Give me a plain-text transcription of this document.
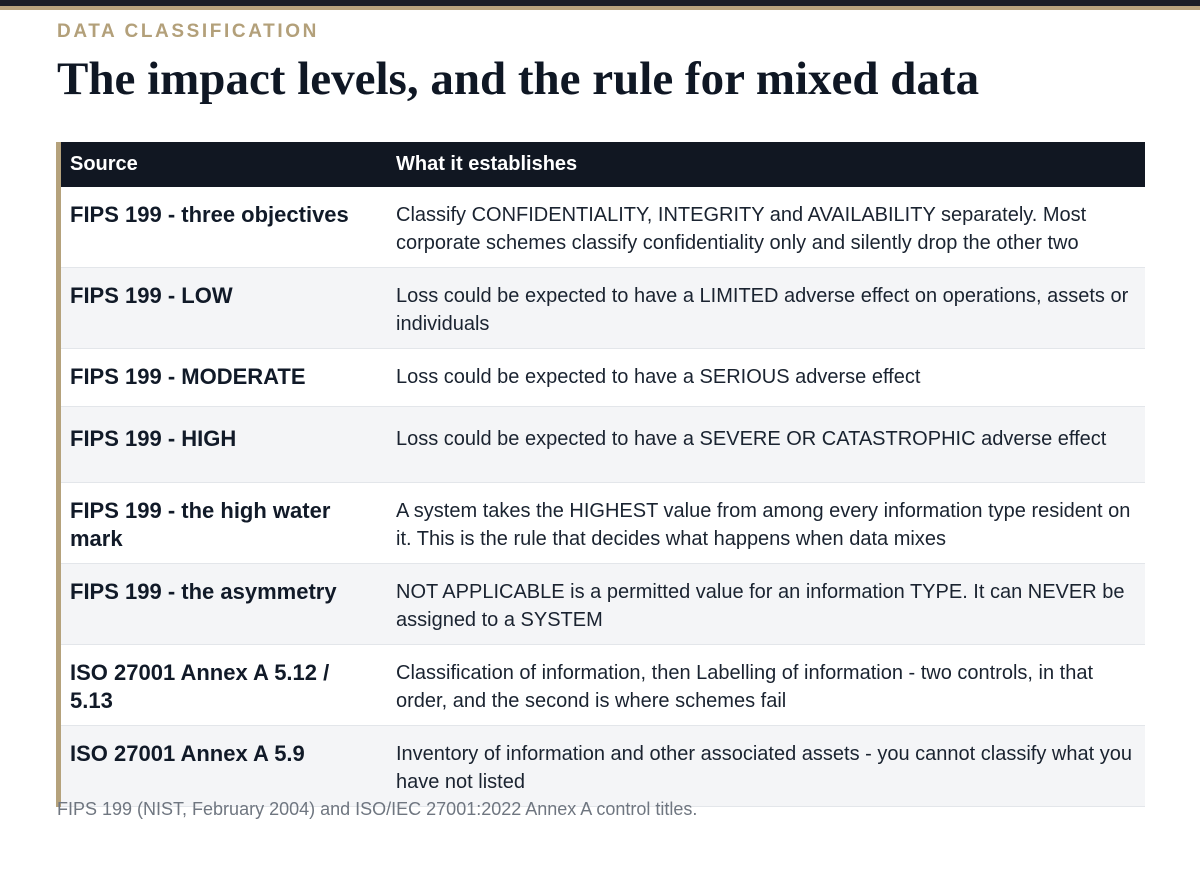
DATA CLASSIFICATION
The impact levels, and the rule for mixed data
Source	What it establishes
FIPS 199 - three objectives	Classify CONFIDENTIALITY, INTEGRITY and AVAILABILITY separately. Most corporate schemes classify confidentiality only and silently drop the other two
FIPS 199 - LOW	Loss could be expected to have a LIMITED adverse effect on operations, assets or individuals
FIPS 199 - MODERATE	Loss could be expected to have a SERIOUS adverse effect
FIPS 199 - HIGH	Loss could be expected to have a SEVERE OR CATASTROPHIC adverse effect
FIPS 199 - the high water mark	A system takes the HIGHEST value from among every information type resident on it. This is the rule that decides what happens when data mixes
FIPS 199 - the asymmetry	NOT APPLICABLE is a permitted value for an information TYPE. It can NEVER be assigned to a SYSTEM
ISO 27001 Annex A 5.12 / 5.13	Classification of information, then Labelling of information - two controls, in that order, and the second is where schemes fail
ISO 27001 Annex A 5.9	Inventory of information and other associated assets - you cannot classify what you have not listed
FIPS 199 (NIST, February 2004) and ISO/IEC 27001:2022 Annex A control titles.
